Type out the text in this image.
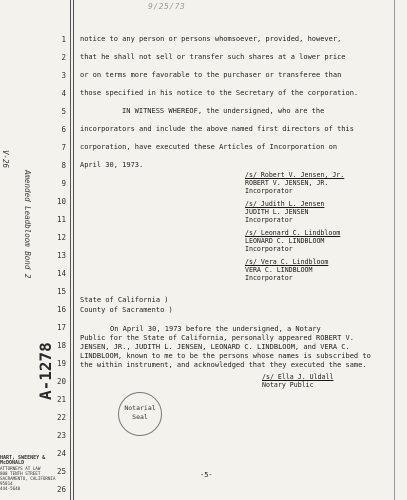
9/25/73
V-26
Amended Leadbloom Bond 2
A-1278
1
2
3
4
5
6
7
8
9
10
11
12
13
14
15
16
17
18
19
20
21
22
23
24
25
26
notice to any person or persons whomsoever, provided, however,
that he shall not sell or transfer such shares at a lower price
or on terms more favorable to the purchaser or transferee than
those specified in his notice to the Secretary of the corporation.
IN WITNESS WHEREOF, the undersigned, who are the
incorporators and include the above named first directors of this
corporation, have executed these Articles of Incorporation on
April 30, 1973.
/s/ Robert V. Jensen, Jr.
ROBERT V. JENSEN, JR.
Incorporator
/s/ Judith L. Jensen
JUDITH L. JENSEN
Incorporator
/s/ Leonard C. Lindbloom
LEONARD C. LINDBLOOM
Incorporator
/s/ Vera C. Lindbloom
VERA C. LINDBLOOM
Incorporator
State of California )
County of Sacramento )
On April 30, 1973 before the undersigned, a Notary
Public for the State of California, personally appeared ROBERT V.
JENSEN, JR., JUDITH L. JENSEN, LEONARD C. LINDBLOOM, and VERA C.
LINDBLOOM, known to me to be the persons whose names is subscribed to
the within instrument, and acknowledged that they executed the same.
/s/ Ella J. Uldall
Notary Public
Notarial
Seal
HART, SWEENEY & McDONALD
ATTORNEYS AT LAW
808 TENTH STREET
SACRAMENTO, CALIFORNIA 95814
444-5640
-5-
